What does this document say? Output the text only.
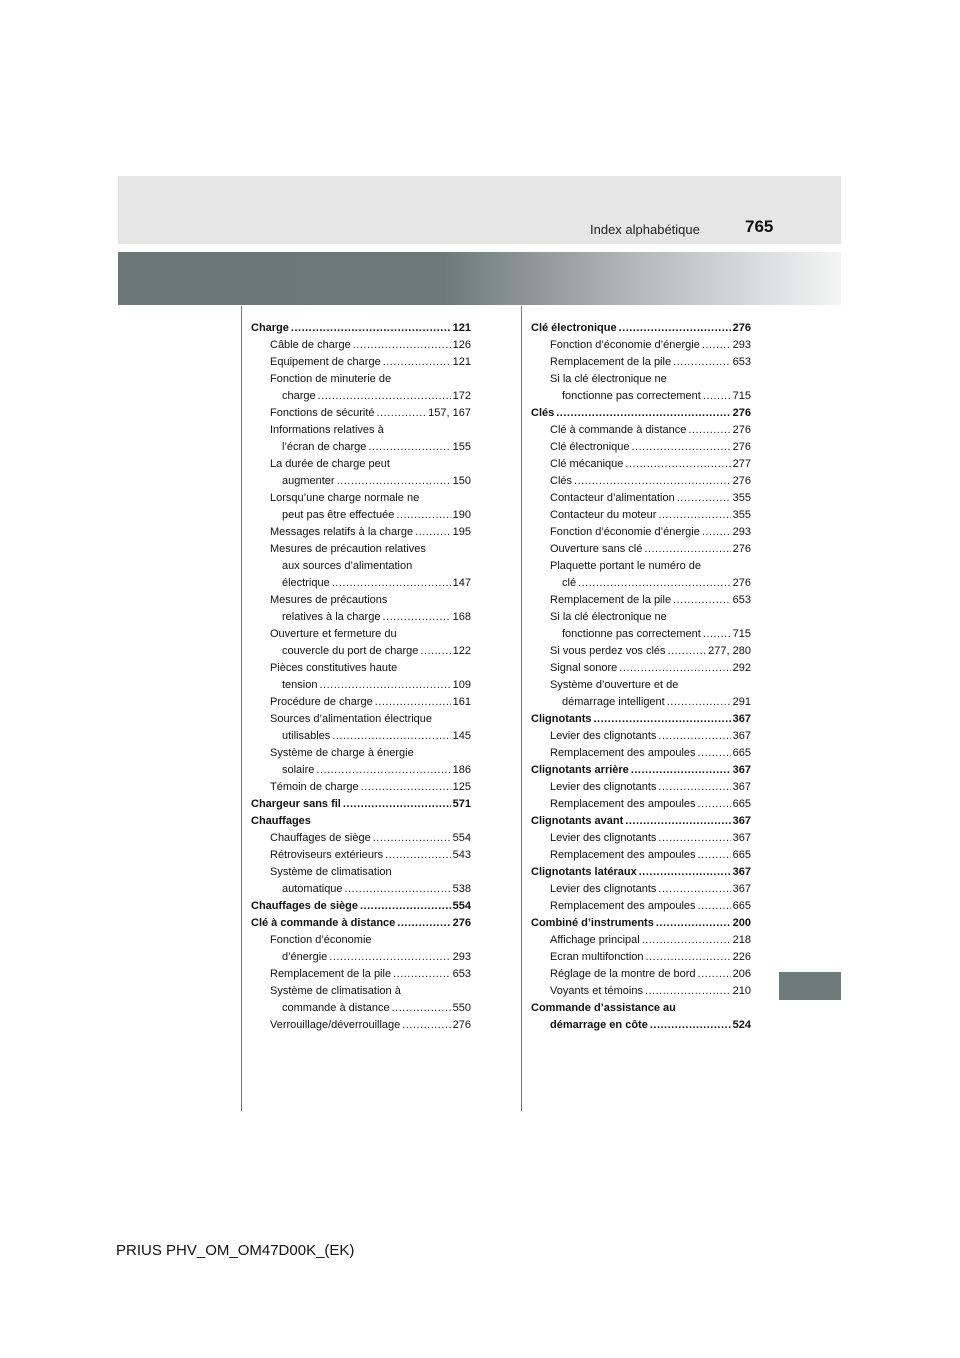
Index alphabétique	765
Charge .....	121
Câble de charge .....	126
Equipement de charge .....	121
Fonction de minuterie de
charge .....	172
Fonctions de sécurité .....	157, 167
Informations relatives à
l’écran de charge .....	155
La durée de charge peut
augmenter .....	150
Lorsqu’une charge normale ne
peut pas être effectuée .....	190
Messages relatifs à la charge .....	195
Mesures de précaution relatives
aux sources d’alimentation
électrique .....	147
Mesures de précautions
relatives à la charge .....	168
Ouverture et fermeture du
couvercle du port de charge .....	122
Pièces constitutives haute
tension .....	109
Procédure de charge .....	161
Sources d’alimentation électrique
utilisables .....	145
Système de charge à énergie
solaire .....	186
Témoin de charge .....	125
Chargeur sans fil .....	571
Chauffages
Chauffages de siège .....	554
Rétroviseurs extérieurs .....	543
Système de climatisation
automatique .....	538
Chauffages de siège .....	554
Clé à commande à distance .....	276
Fonction d’économie
d’énergie .....	293
Remplacement de la pile .....	653
Système de climatisation à
commande à distance .....	550
Verrouillage/déverrouillage .....	276
Clé électronique .....	276
Fonction d’économie d’énergie .....	293
Remplacement de la pile .....	653
Si la clé électronique ne
fonctionne pas correctement .....	715
Clés .....	276
Clé à commande à distance .....	276
Clé électronique .....	276
Clé mécanique .....	277
Clés .....	276
Contacteur d’alimentation .....	355
Contacteur du moteur .....	355
Fonction d’économie d’énergie .....	293
Ouverture sans clé .....	276
Plaquette portant le numéro de
clé .....	276
Remplacement de la pile .....	653
Si la clé électronique ne
fonctionne pas correctement .....	715
Si vous perdez vos clés .....	277, 280
Signal sonore .....	292
Système d’ouverture et de
démarrage intelligent .....	291
Clignotants .....	367
Levier des clignotants .....	367
Remplacement des ampoules .....	665
Clignotants arrière .....	367
Levier des clignotants .....	367
Remplacement des ampoules .....	665
Clignotants avant .....	367
Levier des clignotants .....	367
Remplacement des ampoules .....	665
Clignotants latéraux .....	367
Levier des clignotants .....	367
Remplacement des ampoules .....	665
Combiné d’instruments .....	200
Affichage principal .....	218
Ecran multifonction .....	226
Réglage de la montre de bord .....	206
Voyants et témoins .....	210
Commande d’assistance au
démarrage en côte .....	524
PRIUS PHV_OM_OM47D00K_(EK)
